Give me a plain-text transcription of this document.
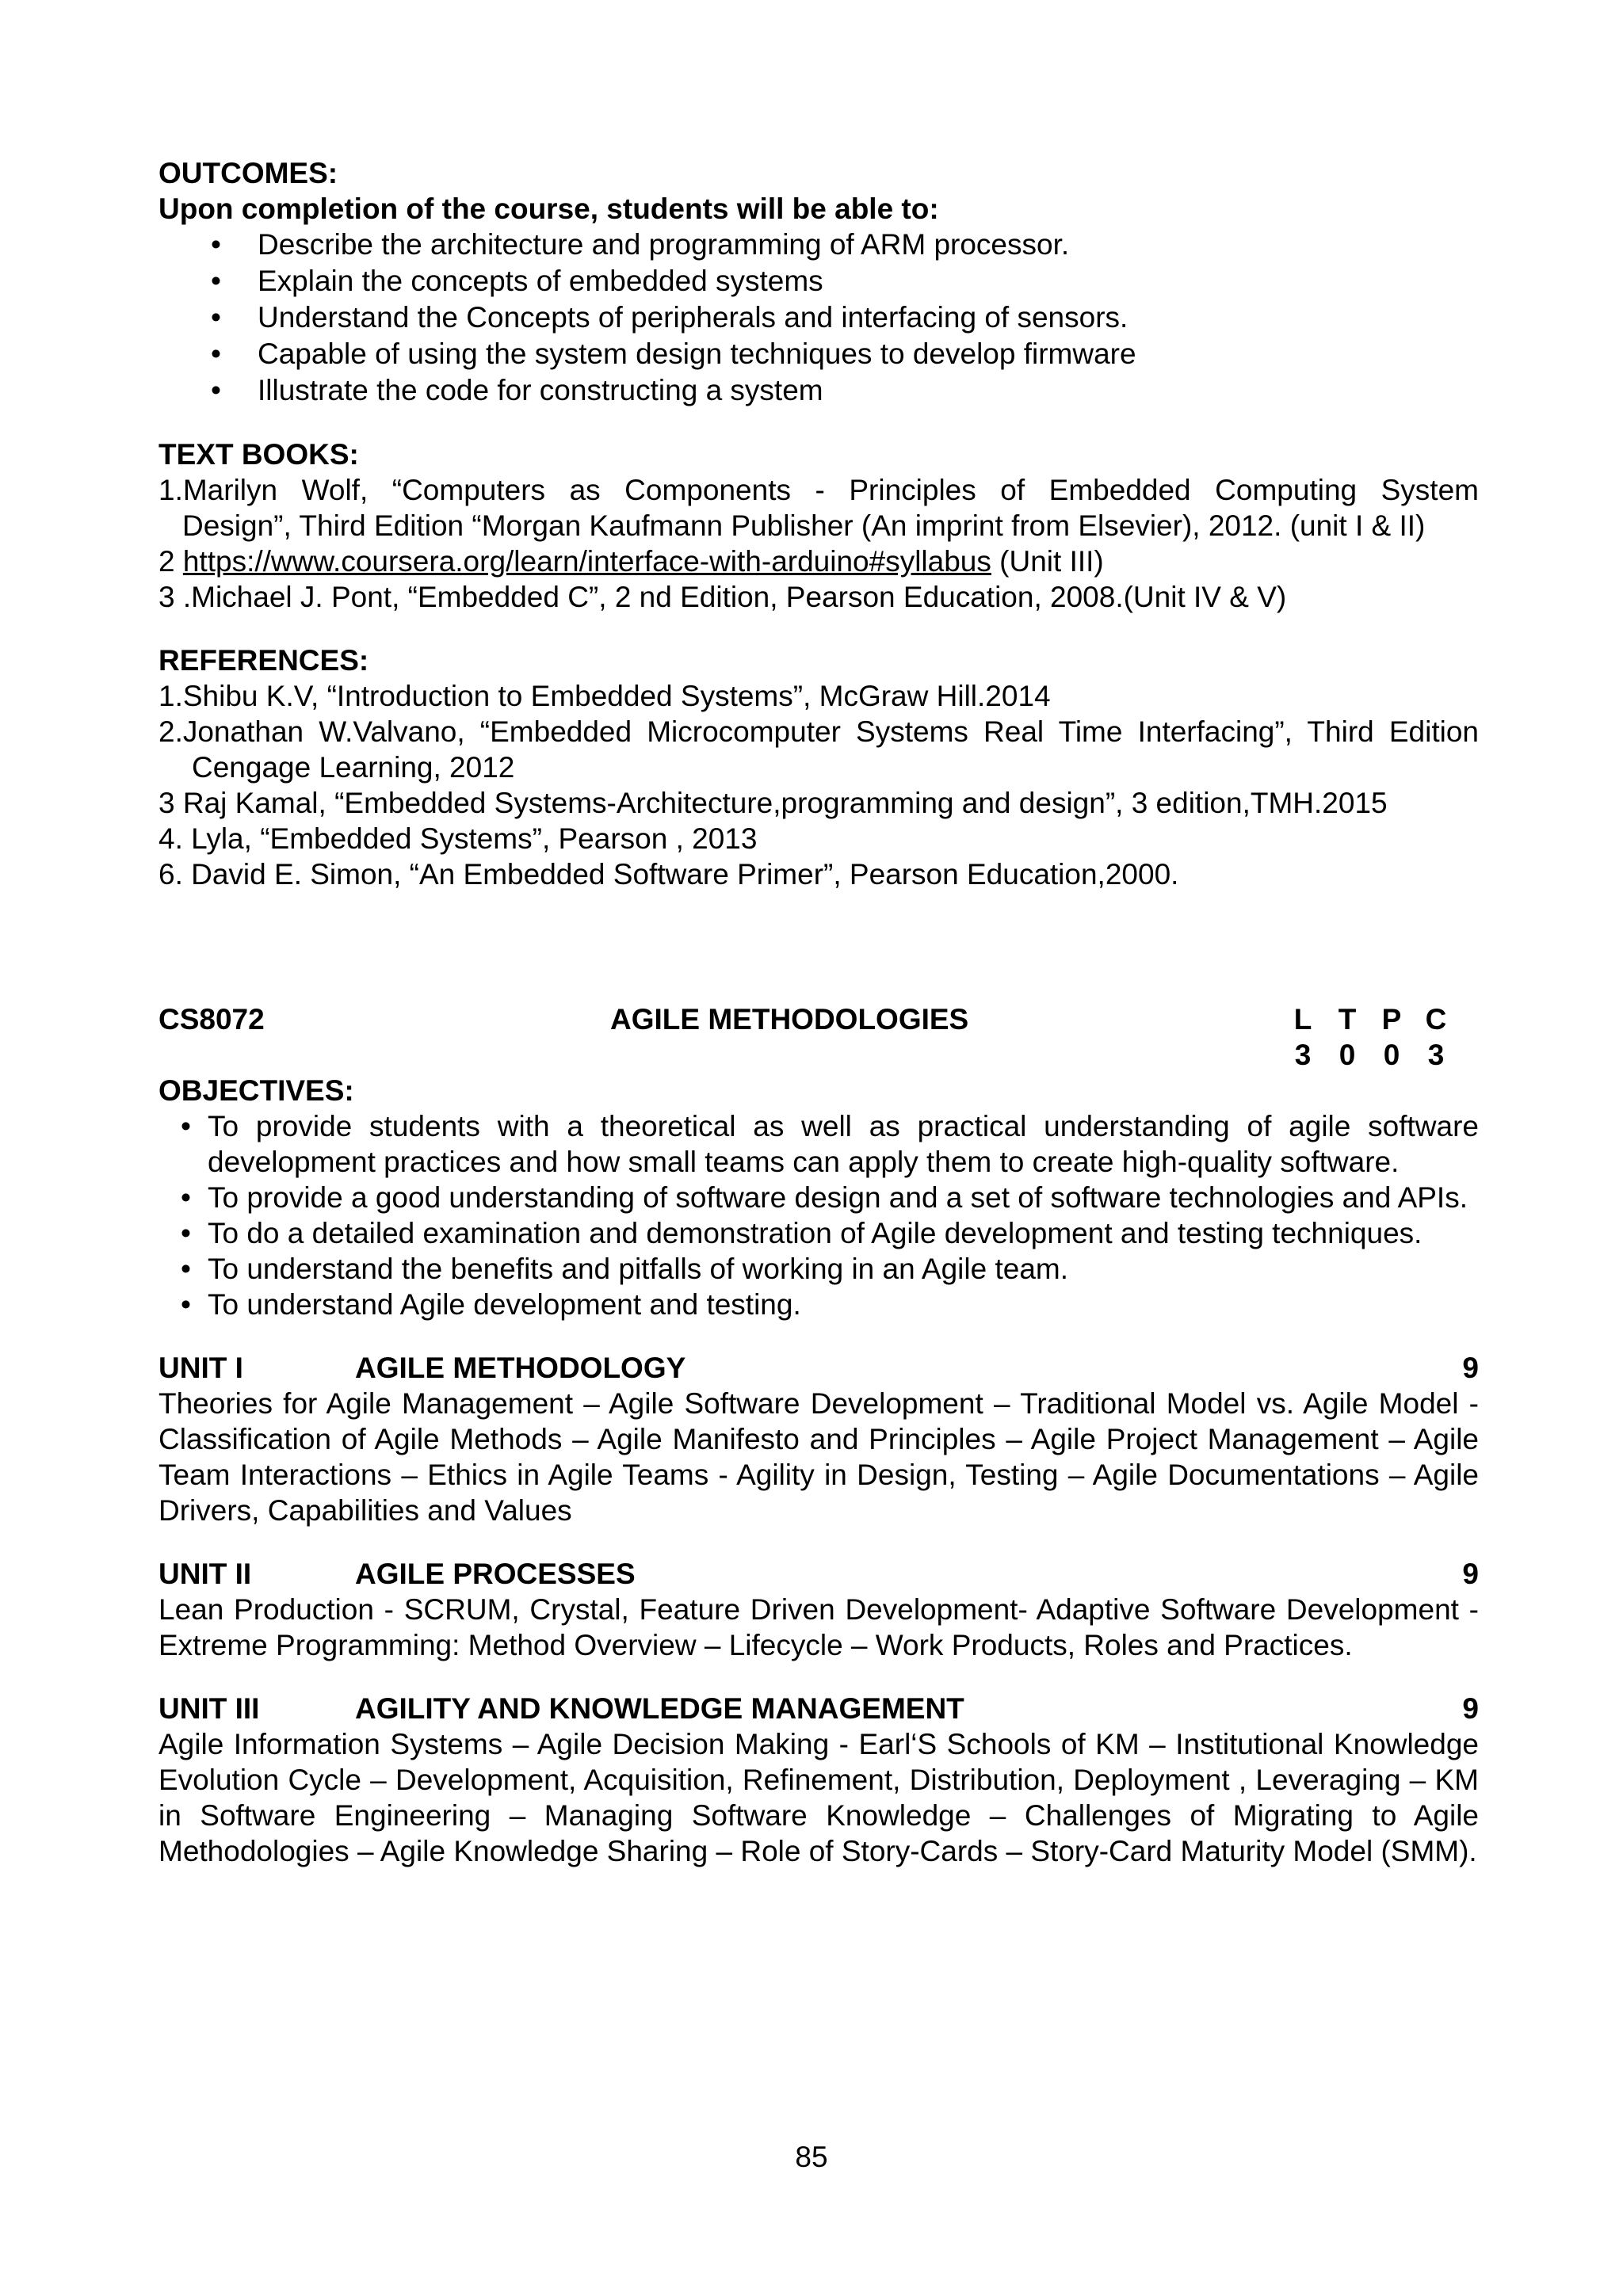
OUTCOMES:
Upon completion of the course, students will be able to:
• Describe the architecture and programming of ARM processor.
• Explain the concepts of embedded systems
• Understand the Concepts of peripherals and interfacing of sensors.
• Capable of using the system design techniques to develop firmware
• Illustrate the code for constructing a system
TEXT BOOKS:
1.Marilyn Wolf, “Computers as Components - Principles of Embedded Computing System
Design”, Third Edition “Morgan Kaufmann Publisher (An imprint from Elsevier), 2012. (unit I & II)
2 https://www.coursera.org/learn/interface-with-arduino#syllabus (Unit III)
3 .Michael J. Pont, “Embedded C”, 2 nd Edition, Pearson Education, 2008.(Unit IV & V)
REFERENCES:
1.Shibu K.V, “Introduction to Embedded Systems”, McGraw Hill.2014
2.Jonathan W.Valvano, “Embedded Microcomputer Systems Real Time Interfacing”, Third Edition
Cengage Learning, 2012
3 Raj Kamal, “Embedded Systems-Architecture,programming and design”, 3 edition,TMH.2015
4. Lyla, “Embedded Systems”, Pearson , 2013
6. David E. Simon, “An Embedded Software Primer”, Pearson Education,2000.
CS8072	AGILE METHODOLOGIES	L T P C
3 0 0 3
OBJECTIVES:
• To provide students with a theoretical as well as practical understanding of agile software development practices and how small teams can apply them to create high-quality software.
• To provide a good understanding of software design and a set of software technologies and APIs.
• To do a detailed examination and demonstration of Agile development and testing techniques.
• To understand the benefits and pitfalls of working in an Agile team.
• To understand Agile development and testing.
UNIT I	AGILE METHODOLOGY	9
Theories for Agile Management – Agile Software Development – Traditional Model vs. Agile Model - Classification of Agile Methods – Agile Manifesto and Principles – Agile Project Management – Agile Team Interactions – Ethics in Agile Teams - Agility in Design, Testing – Agile Documentations – Agile Drivers, Capabilities and Values
UNIT II	AGILE PROCESSES	9
Lean Production - SCRUM, Crystal, Feature Driven Development- Adaptive Software Development - Extreme Programming: Method Overview – Lifecycle – Work Products, Roles and Practices.
UNIT III	AGILITY AND KNOWLEDGE MANAGEMENT	9
Agile Information Systems – Agile Decision Making - Earl‘S Schools of KM – Institutional Knowledge Evolution Cycle – Development, Acquisition, Refinement, Distribution, Deployment , Leveraging – KM in Software Engineering – Managing Software Knowledge – Challenges of Migrating to Agile Methodologies – Agile Knowledge Sharing – Role of Story-Cards – Story-Card Maturity Model (SMM).
85
